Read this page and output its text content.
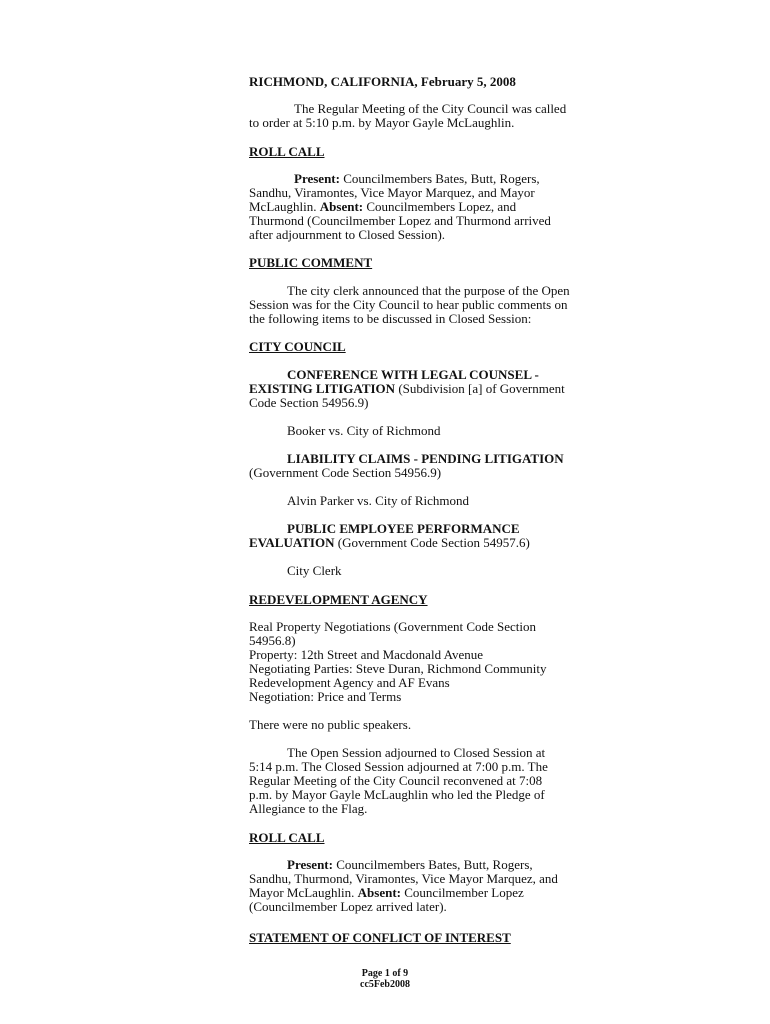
RICHMOND, CALIFORNIA, February 5, 2008
The Regular Meeting of the City Council was called
to order at 5:10 p.m. by Mayor Gayle McLaughlin.
ROLL CALL
Present: Councilmembers Bates, Butt, Rogers,
Sandhu, Viramontes, Vice Mayor Marquez, and Mayor
McLaughlin. Absent: Councilmembers Lopez, and
Thurmond (Councilmember Lopez and Thurmond arrived
after adjournment to Closed Session).
PUBLIC COMMENT
The city clerk announced that the purpose of the Open
Session was for the City Council to hear public comments on
the following items to be discussed in Closed Session:
CITY COUNCIL
CONFERENCE WITH LEGAL COUNSEL -
EXISTING LITIGATION (Subdivision [a] of Government
Code Section 54956.9)
Booker vs. City of Richmond
LIABILITY CLAIMS - PENDING LITIGATION
(Government Code Section 54956.9)
Alvin Parker vs. City of Richmond
PUBLIC EMPLOYEE PERFORMANCE
EVALUATION (Government Code Section 54957.6)
City Clerk
REDEVELOPMENT AGENCY
Real Property Negotiations (Government Code Section
54956.8)
Property: 12th Street and Macdonald Avenue
Negotiating Parties: Steve Duran, Richmond Community
Redevelopment Agency and AF Evans
Negotiation: Price and Terms
There were no public speakers.
The Open Session adjourned to Closed Session at
5:14 p.m. The Closed Session adjourned at 7:00 p.m. The
Regular Meeting of the City Council reconvened at 7:08
p.m. by Mayor Gayle McLaughlin who led the Pledge of
Allegiance to the Flag.
ROLL CALL
Present: Councilmembers Bates, Butt, Rogers,
Sandhu, Thurmond, Viramontes, Vice Mayor Marquez, and
Mayor McLaughlin. Absent: Councilmember Lopez
(Councilmember Lopez arrived later).
STATEMENT OF CONFLICT OF INTEREST
Page 1 of 9
cc5Feb2008
